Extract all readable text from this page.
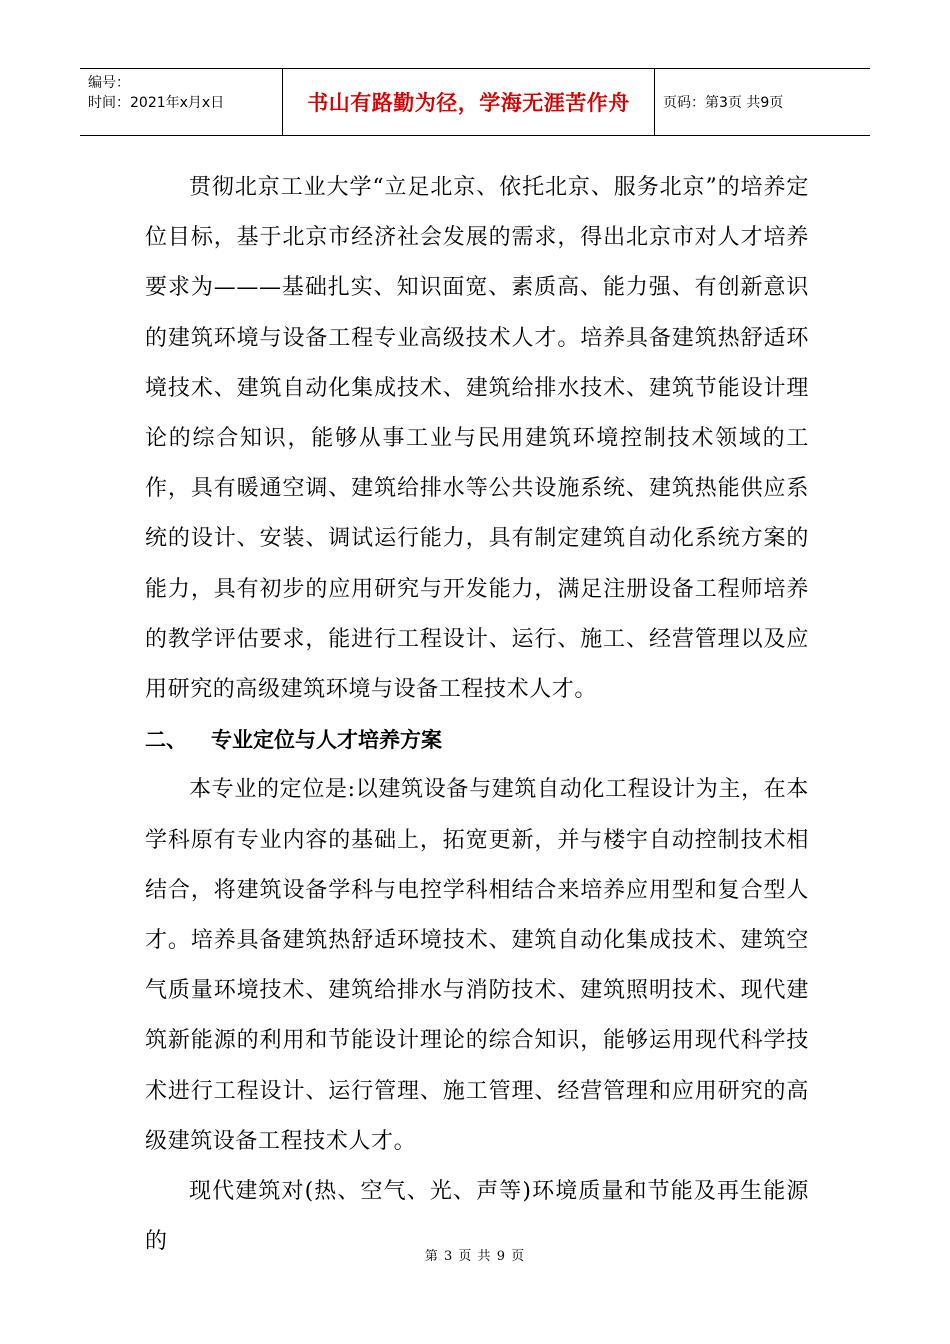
编号：
时间：2021年x月x日	书山有路勤为径，学海无涯苦作舟	页码：第3页 共9页

贯彻北京工业大学“立足北京、依托北京、服务北京”的培养定位目标，基于北京市经济社会发展的需求，得出北京市对人才培养要求为———基础扎实、知识面宽、素质高、能力强、有创新意识的建筑环境与设备工程专业高级技术人才。培养具备建筑热舒适环境技术、建筑自动化集成技术、建筑给排水技术、建筑节能设计理论的综合知识，能够从事工业与民用建筑环境控制技术领域的工作，具有暖通空调、建筑给排水等公共设施系统、建筑热能供应系统的设计、安装、调试运行能力，具有制定建筑自动化系统方案的能力，具有初步的应用研究与开发能力，满足注册设备工程师培养的教学评估要求，能进行工程设计、运行、施工、经营管理以及应用研究的高级建筑环境与设备工程技术人才。

二、	专业定位与人才培养方案

本专业的定位是:以建筑设备与建筑自动化工程设计为主，在本学科原有专业内容的基础上，拓宽更新，并与楼宇自动控制技术相结合，将建筑设备学科与电控学科相结合来培养应用型和复合型人才。培养具备建筑热舒适环境技术、建筑自动化集成技术、建筑空气质量环境技术、建筑给排水与消防技术、建筑照明技术、现代建筑新能源的利用和节能设计理论的综合知识，能够运用现代科学技术进行工程设计、运行管理、施工管理、经营管理和应用研究的高级建筑设备工程技术人才。

现代建筑对(热、空气、光、声等)环境质量和节能及再生能源的

第 3 页 共 9 页
